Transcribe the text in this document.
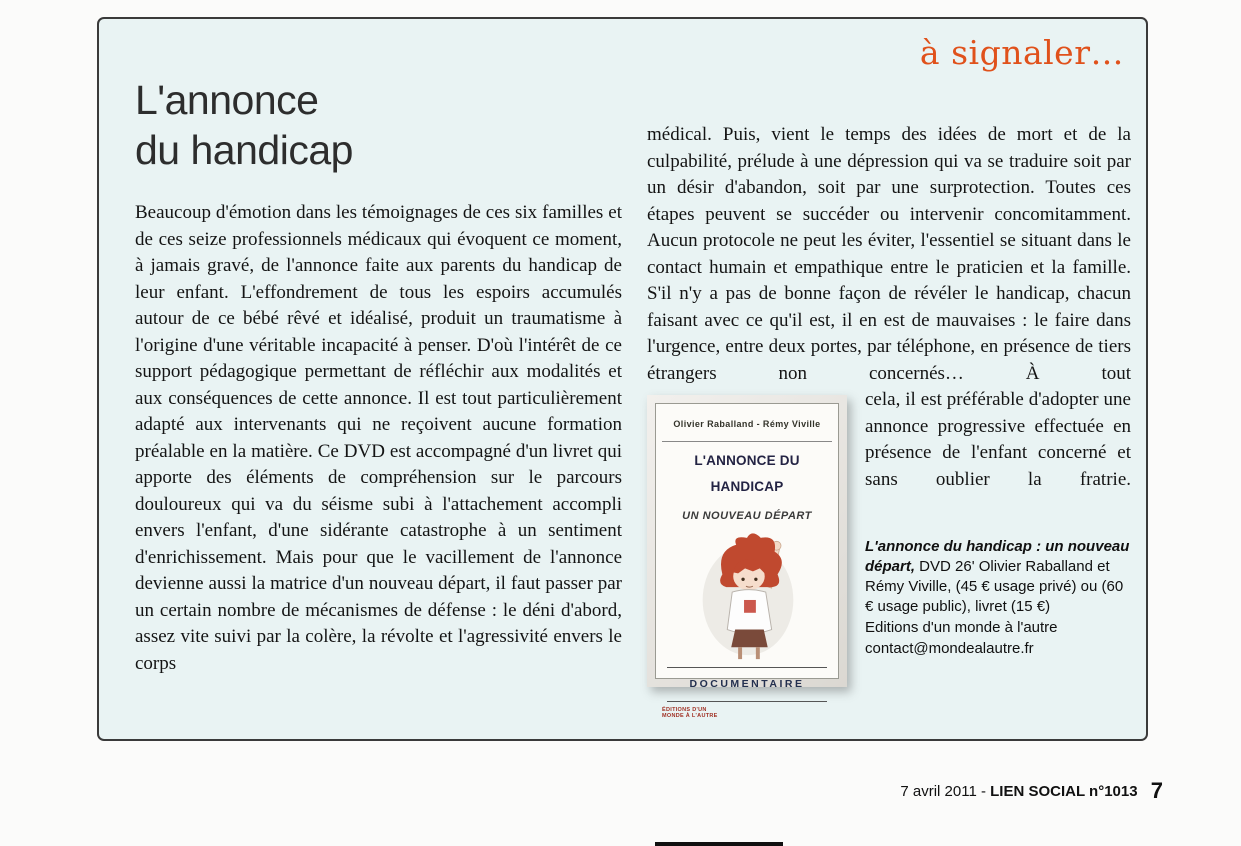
à signaler…
L'annonce
du handicap

Beaucoup d'émotion dans les témoignages de ces six familles et de ces seize professionnels médicaux qui évoquent ce moment, à jamais gravé, de l'annonce faite aux parents du handicap de leur enfant. L'effondrement de tous les espoirs accumulés autour de ce bébé rêvé et idéalisé, produit un traumatisme à l'origine d'une véritable incapacité à penser. D'où l'intérêt de ce support pédagogique permettant de réfléchir aux modalités et aux conséquences de cette annonce. Il est tout particulièrement adapté aux intervenants qui ne reçoivent aucune formation préalable en la matière. Ce DVD est accompagné d'un livret qui apporte des éléments de compréhension sur le parcours douloureux qui va du séisme subi à l'attachement accompli envers l'enfant, d'une sidérante catastrophe à un sentiment d'enrichissement. Mais pour que le vacillement de l'annonce devienne aussi la matrice d'un nouveau départ, il faut passer par un certain nombre de mécanismes de défense : le déni d'abord, assez vite suivi par la colère, la révolte et l'agressivité envers le corps

médical. Puis, vient le temps des idées de mort et de la culpabilité, prélude à une dépression qui va se traduire soit par un désir d'abandon, soit par une surprotection. Toutes ces étapes peuvent se succéder ou intervenir concomitamment. Aucun protocole ne peut les éviter, l'essentiel se situant dans le contact humain et empathique entre le praticien et la famille. S'il n'y a pas de bonne façon de révéler le handicap, chacun faisant avec ce qu'il est, il en est de mauvaises : le faire dans l'urgence, entre deux portes, par téléphone, en présence de tiers étrangers non concernés… À tout

Olivier Raballand - Rémy Viville
L'ANNONCE DU HANDICAP
UN NOUVEAU DÉPART
DOCUMENTAIRE
ÉDITIONS D'UN MONDE À L'AUTRE

cela, il est préférable d'adopter une annonce progressive effectuée en présence de l'enfant concerné et sans oublier la fratrie.

L'annonce du handicap : un nouveau départ, DVD 26' Olivier Raballand et Rémy Viville, (45 € usage privé) ou (60 € usage public), livret (15 €)

Editions d'un monde à l'autre

contact@mondealautre.fr

7 avril 2011 - LIEN SOCIAL n°1013 7
